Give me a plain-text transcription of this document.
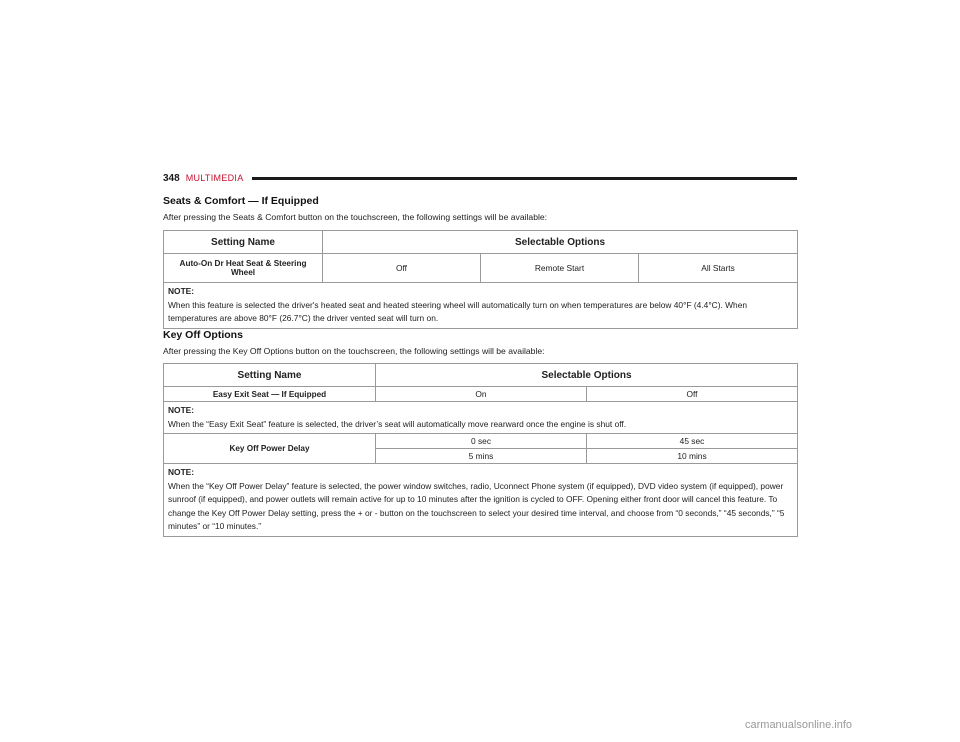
348 MULTIMEDIA
Seats & Comfort — If Equipped
After pressing the Seats & Comfort button on the touchscreen, the following settings will be available:
Setting Name	Selectable Options		
Auto-On Dr Heat Seat & Steering Wheel	Off	Remote Start	All Starts

NOTE:
When this feature is selected the driver's heated seat and heated steering wheel will automatically turn on when temperatures are below 40°F (4.4°C). When temperatures are above 80°F (26.7°C) the driver vented seat will turn on.			
Key Off Options
After pressing the Key Off Options button on the touchscreen, the following settings will be available:
Setting Name	Selectable Options	
Easy Exit Seat — If Equipped	On	Off

NOTE:
When the “Easy Exit Seat” feature is selected, the driver’s seat will automatically move rearward once the engine is shut off.		
Key Off Power Delay	0 sec	45 sec
	5 mins	10 mins

NOTE:
When the “Key Off Power Delay” feature is selected, the power window switches, radio, Uconnect Phone system (if equipped), DVD video system (if equipped), power sunroof (if equipped), and power outlets will remain active for up to 10 minutes after the ignition is cycled to OFF. Opening either front door will cancel this feature. To change the Key Off Power Delay setting, press the + or - button on the touchscreen to select your desired time interval, and choose from “0 seconds,” “45 seconds,” “5 minutes” or “10 minutes.”		
carmanualsonline.info
